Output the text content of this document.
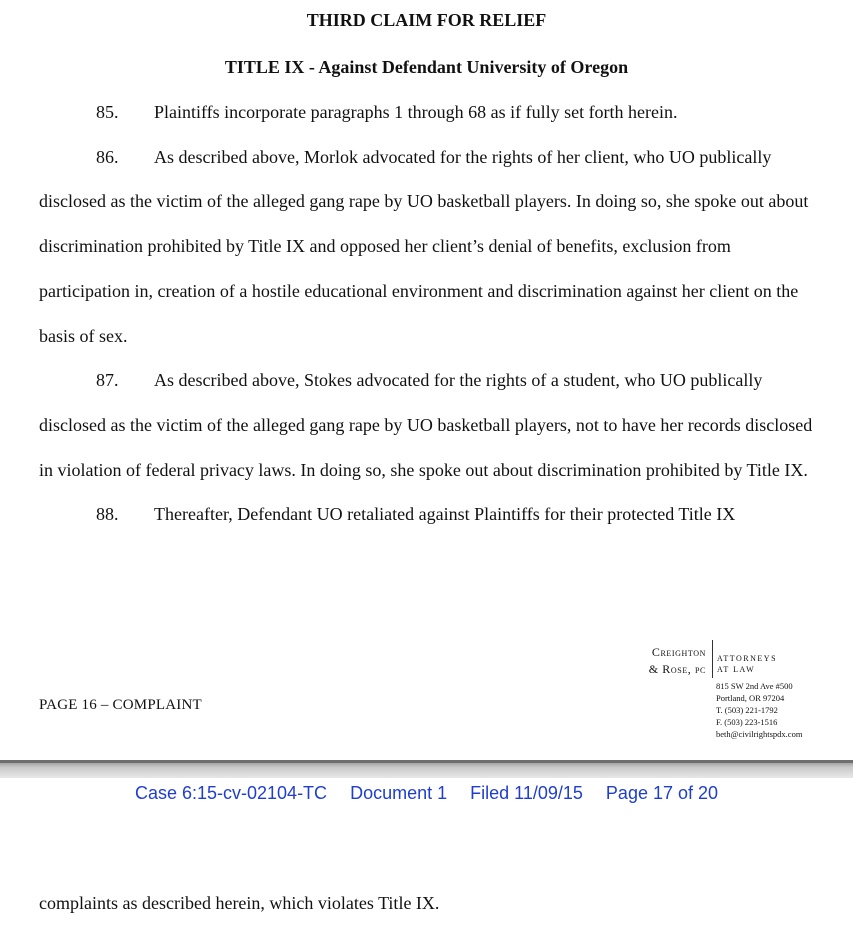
THIRD CLAIM FOR RELIEF
TITLE IX - Against Defendant University of Oregon

85. Plaintiffs incorporate paragraphs 1 through 68 as if fully set forth herein.

86. As described above, Morlok advocated for the rights of her client, who UO publically disclosed as the victim of the alleged gang rape by UO basketball players. In doing so, she spoke out about discrimination prohibited by Title IX and opposed her client’s denial of benefits, exclusion from participation in, creation of a hostile educational environment and discrimination against her client on the basis of sex.

87. As described above, Stokes advocated for the rights of a student, who UO publically disclosed as the victim of the alleged gang rape by UO basketball players, not to have her records disclosed in violation of federal privacy laws. In doing so, she spoke out about discrimination prohibited by Title IX.

88. Thereafter, Defendant UO retaliated against Plaintiffs for their protected Title IX

PAGE 16 – COMPLAINT
Creighton
& Rose, pc
ATTORNEYS
AT LAW
815 SW 2nd Ave #500
Portland, OR 97204
T. (503) 221-1792
F. (503) 223-1516
beth@civilrightspdx.com
Case 6:15-cv-02104-TC Document 1 Filed 11/09/15 Page 17 of 20
complaints as described herein, which violates Title IX.
